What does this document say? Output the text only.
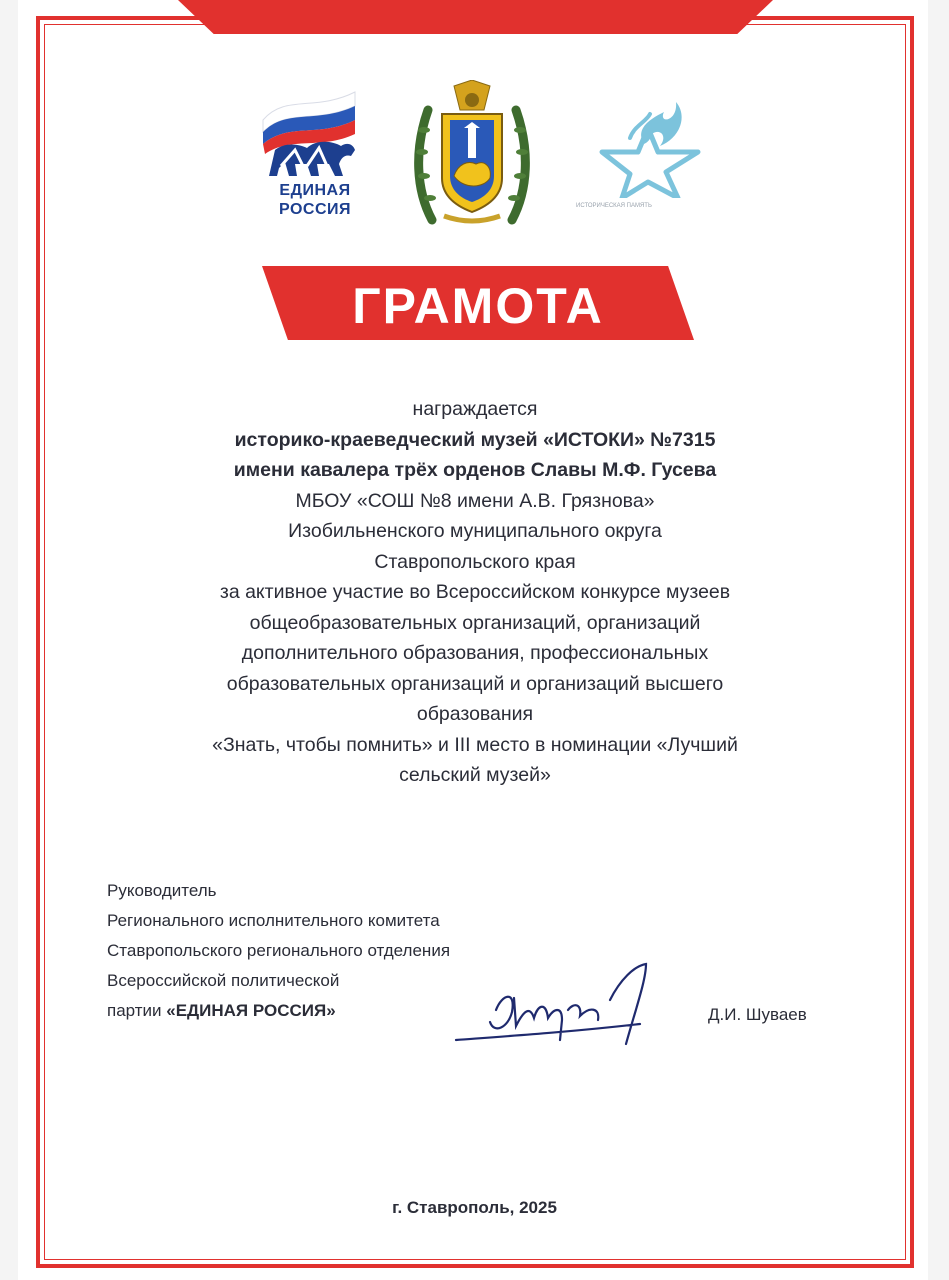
ЕДИНАЯ
РОССИЯ	ИСТОРИЧЕСКАЯ ПАМЯТЬ
ГРАМОТА
награждается
историко-краеведческий музей «ИСТОКИ» №7315
имени кавалера трёх орденов Славы М.Ф. Гусева
МБОУ «СОШ №8 имени А.В. Грязнова»
Изобильненского муниципального округа
Ставропольского края
за активное участие во Всероссийском конкурсе музеев
общеобразовательных организаций, организаций
дополнительного образования, профессиональных
образовательных организаций и организаций высшего
образования
«Знать, чтобы помнить» и III место в номинации «Лучший
сельский музей»
Руководитель
Регионального исполнительного комитета
Ставропольского регионального отделения
Всероссийской политической
партии «ЕДИНАЯ РОССИЯ»	Д.И. Шуваев
г. Ставрополь, 2025
